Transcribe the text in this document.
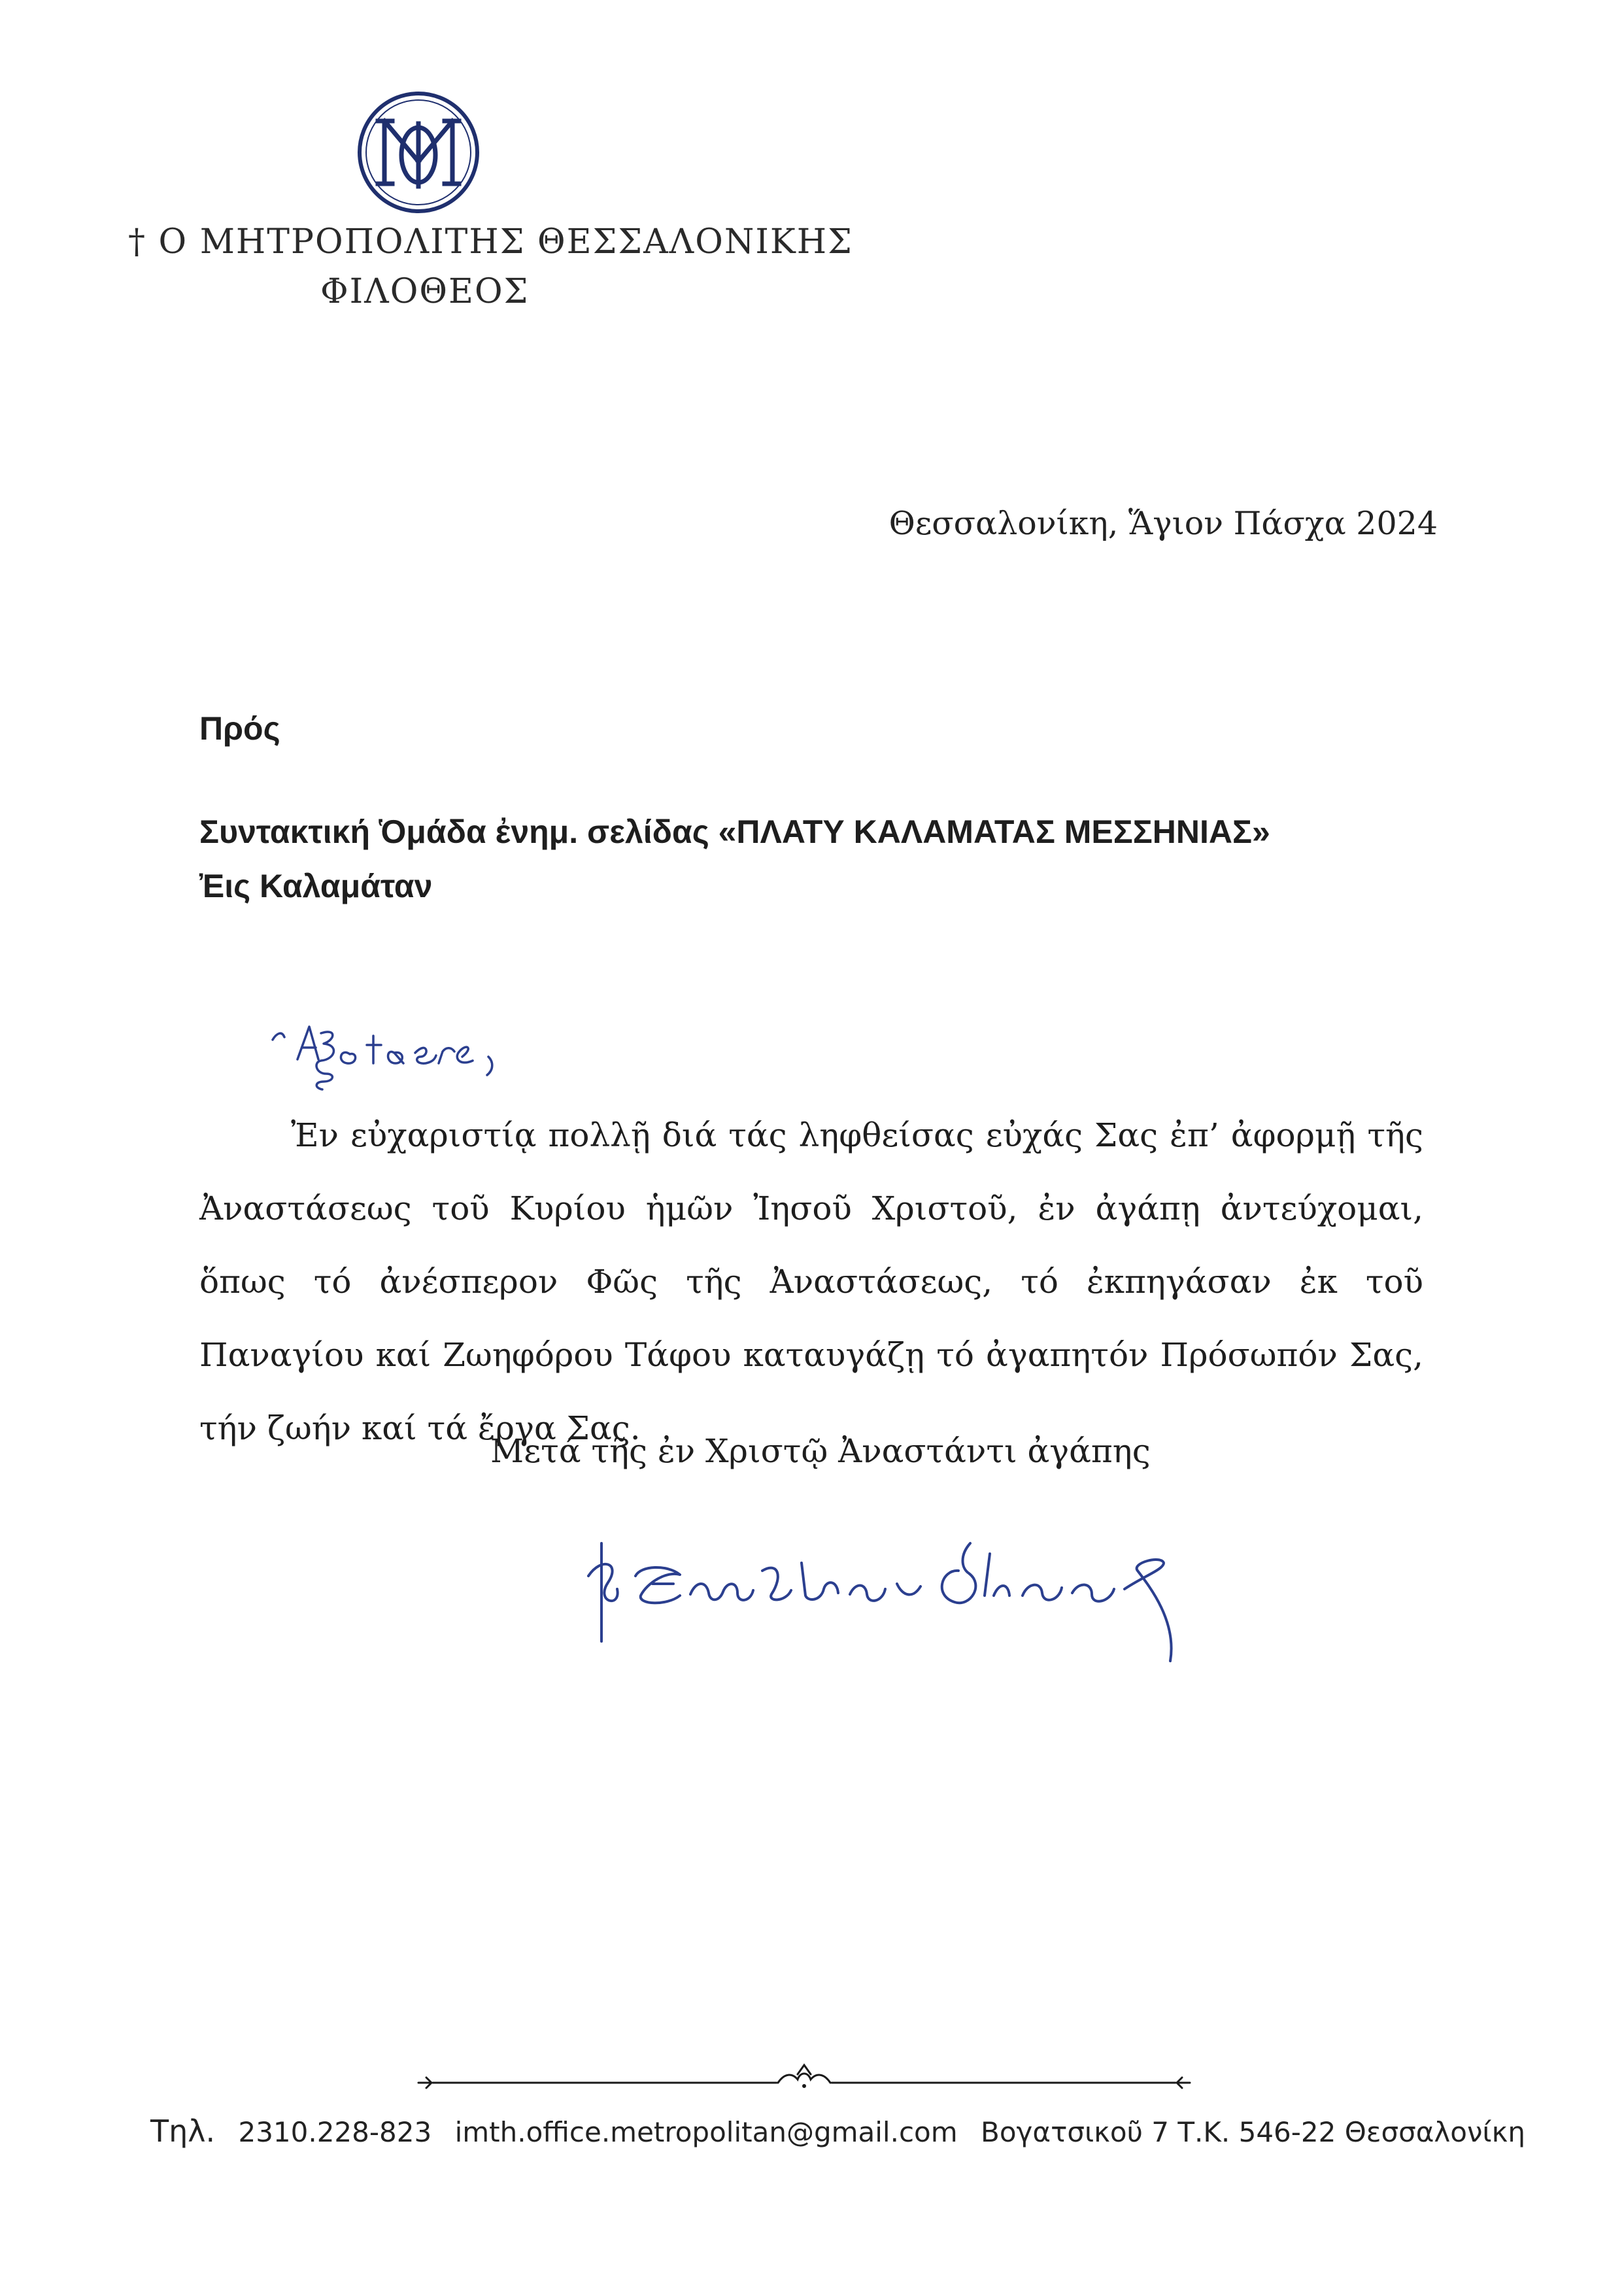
† Ο ΜΗΤΡΟΠΟΛΙΤΗΣ ΘΕΣΣΑΛΟΝΙΚΗΣ
ΦΙΛΟΘΕΟΣ
Θεσσαλονίκη, Ἅγιον Πάσχα 2024
Πρός
Συντακτική Ὁμάδα ἐνημ. σελίδας «ΠΛΑΤΥ ΚΑΛΑΜΑΤΑΣ ΜΕΣΣΗΝΙΑΣ»
Ἐις Καλαμάταν
Ἐν εὐχαριστίᾳ πολλῇ διά τάς ληφθείσας εὐχάς Σας ἐπ’ ἀφορμῇ τῆς Ἀναστάσεως τοῦ Κυρίου ἡμῶν Ἰησοῦ Χριστοῦ, ἐν ἀγάπῃ ἀντεύχομαι, ὅπως τό ἀνέσπερον Φῶς τῆς Ἀναστάσεως, τό ἐκπηγάσαν ἐκ τοῦ Παναγίου καί Ζωηφόρου Τάφου καταυγάζῃ τό ἀγαπητόν Πρόσωπόν Σας, τήν ζωήν καί τά ἔργα Σας.
Μετά τῆς ἐν Χριστῷ Ἀναστάντι ἀγάπης
Τηλ. 2310.228-823 imth.office.metropolitan@gmail.com Βογατσικοῦ 7 Τ.Κ. 546-22 Θεσσαλονίκη
